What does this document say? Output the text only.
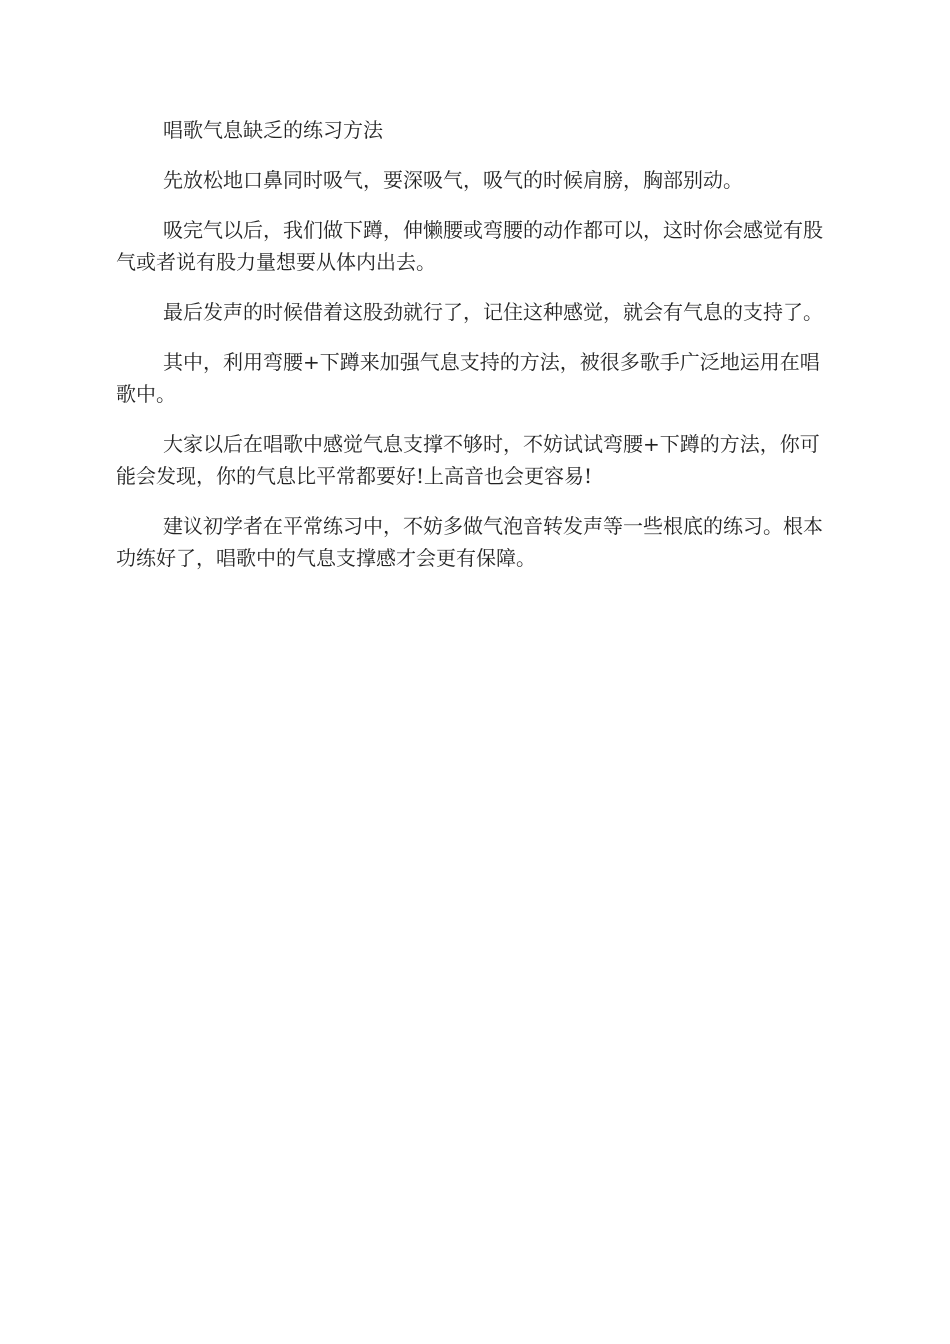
唱歌气息缺乏的练习方法

先放松地口鼻同时吸气，要深吸气，吸气的时候肩膀，胸部别动。

吸完气以后，我们做下蹲，伸懒腰或弯腰的动作都可以，这时你会感觉有股气或者说有股力量想要从体内出去。

最后发声的时候借着这股劲就行了，记住这种感觉，就会有气息的支持了。

其中，利用弯腰+下蹲来加强气息支持的方法，被很多歌手广泛地运用在唱歌中。

大家以后在唱歌中感觉气息支撑不够时，不妨试试弯腰+下蹲的方法，你可能会发现，你的气息比平常都要好!上高音也会更容易!

建议初学者在平常练习中，不妨多做气泡音转发声等一些根底的练习。根本功练好了，唱歌中的气息支撑感才会更有保障。
